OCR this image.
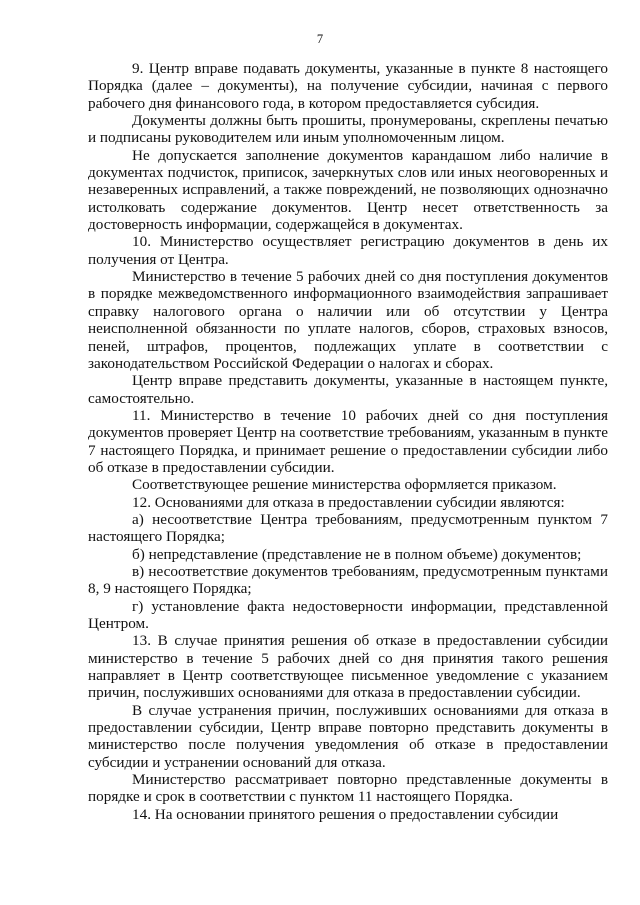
7

9. Центр вправе подавать документы, указанные в пункте 8 настоящего Порядка (далее – документы), на получение субсидии, начиная с первого рабочего дня финансового года, в котором предоставляется субсидия.

Документы должны быть прошиты, пронумерованы, скреплены печатью и подписаны руководителем или иным уполномоченным лицом.

Не допускается заполнение документов карандашом либо наличие в документах подчисток, приписок, зачеркнутых слов или иных неоговоренных и незаверенных исправлений, а также повреждений, не позволяющих однозначно истолковать содержание документов. Центр несет ответственность за достоверность информации, содержащейся в документах.

10. Министерство осуществляет регистрацию документов в день их получения от Центра.

Министерство в течение 5 рабочих дней со дня поступления документов в порядке межведомственного информационного взаимодействия запрашивает справку налогового органа о наличии или об отсутствии у Центра неисполненной обязанности по уплате налогов, сборов, страховых взносов, пеней, штрафов, процентов, подлежащих уплате в соответствии с законодательством Российской Федерации о налогах и сборах.

Центр вправе представить документы, указанные в настоящем пункте, самостоятельно.

11. Министерство в течение 10 рабочих дней со дня поступления документов проверяет Центр на соответствие требованиям, указанным в пункте 7 настоящего Порядка, и принимает решение о предоставлении субсидии либо об отказе в предоставлении субсидии.

Соответствующее решение министерства оформляется приказом.

12. Основаниями для отказа в предоставлении субсидии являются:

а) несоответствие Центра требованиям, предусмотренным пунктом 7 настоящего Порядка;

б) непредставление (представление не в полном объеме) документов;

в) несоответствие документов требованиям, предусмотренным пунктами 8, 9 настоящего Порядка;

г) установление факта недостоверности информации, представленной Центром.

13. В случае принятия решения об отказе в предоставлении субсидии министерство в течение 5 рабочих дней со дня принятия такого решения направляет в Центр соответствующее письменное уведомление с указанием причин, послуживших основаниями для отказа в предоставлении субсидии.

В случае устранения причин, послуживших основаниями для отказа в предоставлении субсидии, Центр вправе повторно представить документы в министерство после получения уведомления об отказе в предоставлении субсидии и устранении оснований для отказа.

Министерство рассматривает повторно представленные документы в порядке и срок в соответствии с пунктом 11 настоящего Порядка.

14. На основании принятого решения о предоставлении субсидии
